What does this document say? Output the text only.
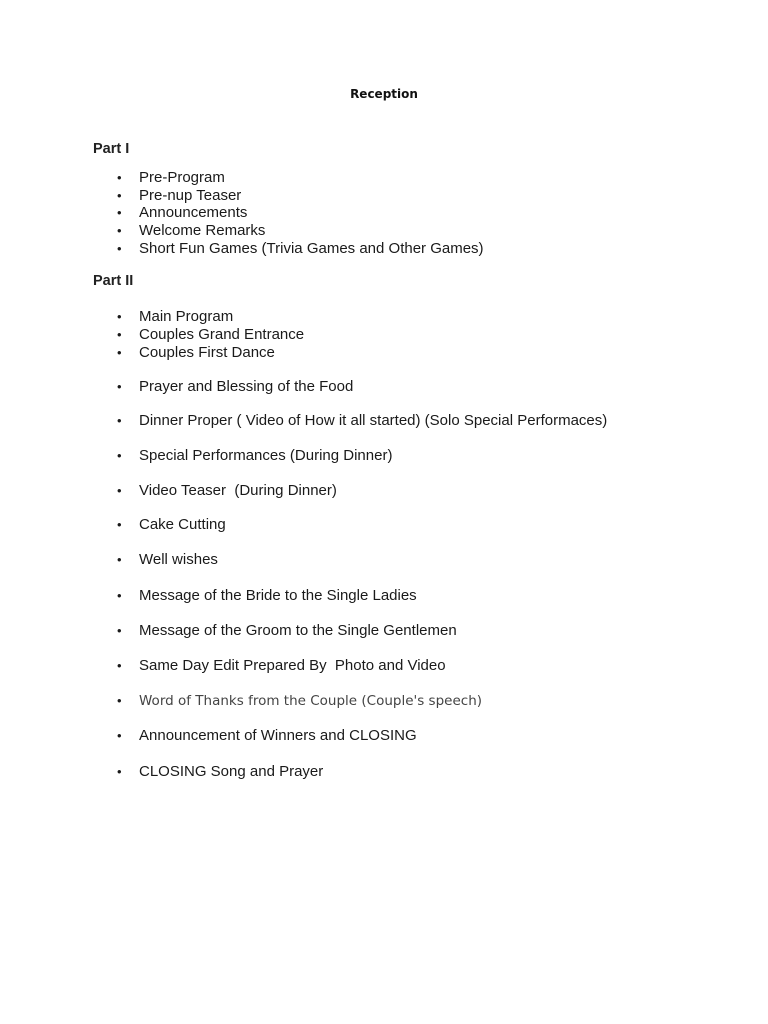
Reception
Part I
• Pre-Program
• Pre-nup Teaser
• Announcements
• Welcome Remarks
• Short Fun Games (Trivia Games and Other Games)
Part II
• Main Program
• Couples Grand Entrance
• Couples First Dance
• Prayer and Blessing of the Food
• Dinner Proper ( Video of How it all started) (Solo Special Performaces)
• Special Performances (During Dinner)
• Video Teaser  (During Dinner)
• Cake Cutting
• Well wishes
• Message of the Bride to the Single Ladies
• Message of the Groom to the Single Gentlemen
• Same Day Edit Prepared By  Photo and Video
• Word of Thanks from the Couple (Couple's speech)
• Announcement of Winners and CLOSING
• CLOSING Song and Prayer
